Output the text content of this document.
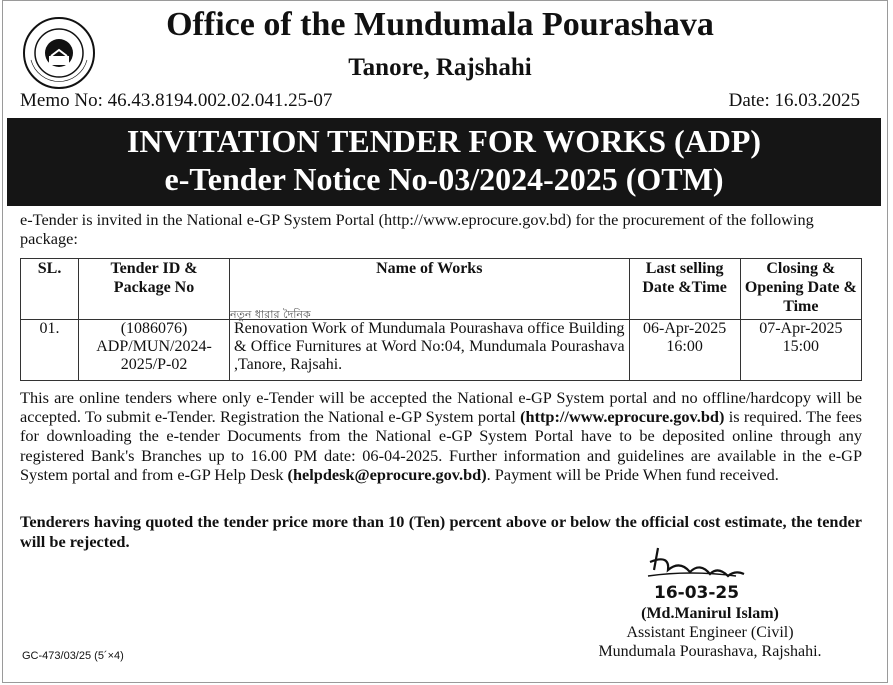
Office of the Mundumala Pourashava
Tanore, Rajshahi
Memo No: 46.43.8194.002.02.041.25-07	Date: 16.03.2025
INVITATION TENDER FOR WORKS (ADP)
e-Tender Notice No-03/2024-2025 (OTM)
e-Tender is invited in the National e-GP System Portal (http://www.eprocure.gov.bd) for the procurement of the following package:
SL.	Tender ID & Package No	Name of Works	Last selling Date &Time	Closing & Opening Date & Time
01.	(1086076) ADP/MUN/2024-2025/P-02	Renovation Work of Mundumala Pourashava office Building & Office Furnitures at Word No:04, Mundumala Pourashava ,Tanore, Rajsahi.	06-Apr-2025 16:00	07-Apr-2025 15:00
নতুন ধারার দৈনিক
This are online tenders where only e-Tender will be accepted the National e-GP System portal and no offline/hardcopy will be accepted. To submit e-Tender. Registration the National e-GP System portal (http://www.eprocure.gov.bd) is required. The fees for downloading the e-tender Documents from the National e-GP System Portal have to be deposited online through any registered Bank's Branches up to 16.00 PM date: 06-04-2025. Further information and guidelines are available in the e-GP System portal and from e-GP Help Desk (helpdesk@eprocure.gov.bd). Payment will be Pride When fund received.
Tenderers having quoted the tender price more than 10 (Ten) percent above or below the official cost estimate, the tender will be rejected.
16-03-25
(Md.Manirul Islam)
Assistant Engineer (Civil)
Mundumala Pourashava, Rajshahi.
GC-473/03/25 (5´×4)
